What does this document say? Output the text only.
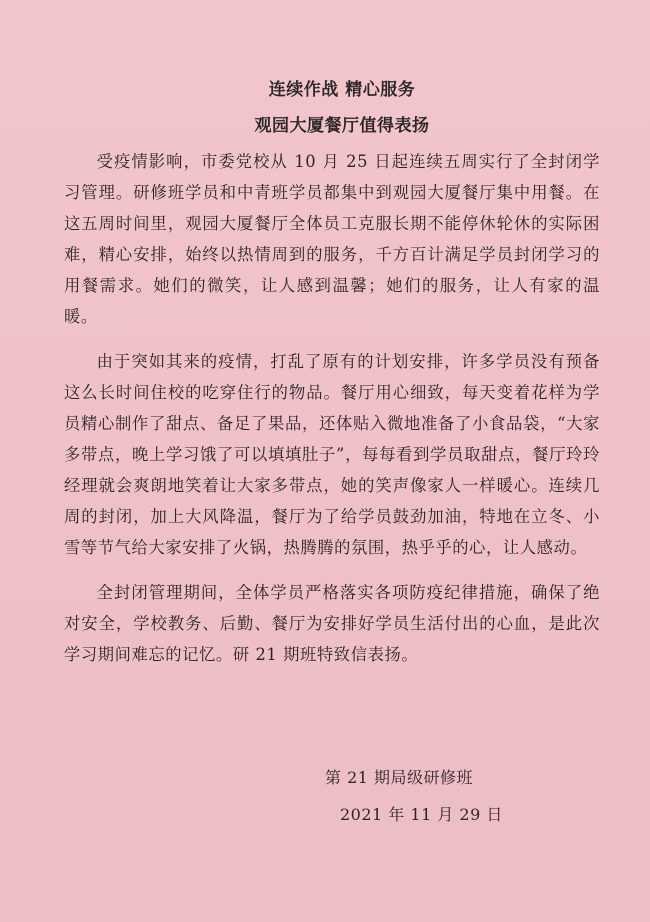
连续作战 精心服务
观园大厦餐厅值得表扬

受疫情影响，市委党校从 10 月 25 日起连续五周实行了全封闭学习管理。研修班学员和中青班学员都集中到观园大厦餐厅集中用餐。在这五周时间里，观园大厦餐厅全体员工克服长期不能停休轮休的实际困难，精心安排，始终以热情周到的服务，千方百计满足学员封闭学习的用餐需求。她们的微笑，让人感到温馨；她们的服务，让人有家的温暖。

由于突如其来的疫情，打乱了原有的计划安排，许多学员没有预备这么长时间住校的吃穿住行的物品。餐厅用心细致，每天变着花样为学员精心制作了甜点、备足了果品，还体贴入微地准备了小食品袋，“大家多带点，晚上学习饿了可以填填肚子”，每每看到学员取甜点，餐厅玲玲经理就会爽朗地笑着让大家多带点，她的笑声像家人一样暖心。连续几周的封闭，加上大风降温，餐厅为了给学员鼓劲加油，特地在立冬、小雪等节气给大家安排了火锅，热腾腾的氛围，热乎乎的心，让人感动。

全封闭管理期间，全体学员严格落实各项防疫纪律措施，确保了绝对安全，学校教务、后勤、餐厅为安排好学员生活付出的心血，是此次学习期间难忘的记忆。研 21 期班特致信表扬。

第 21 期局级研修班
2021 年 11 月 29 日
